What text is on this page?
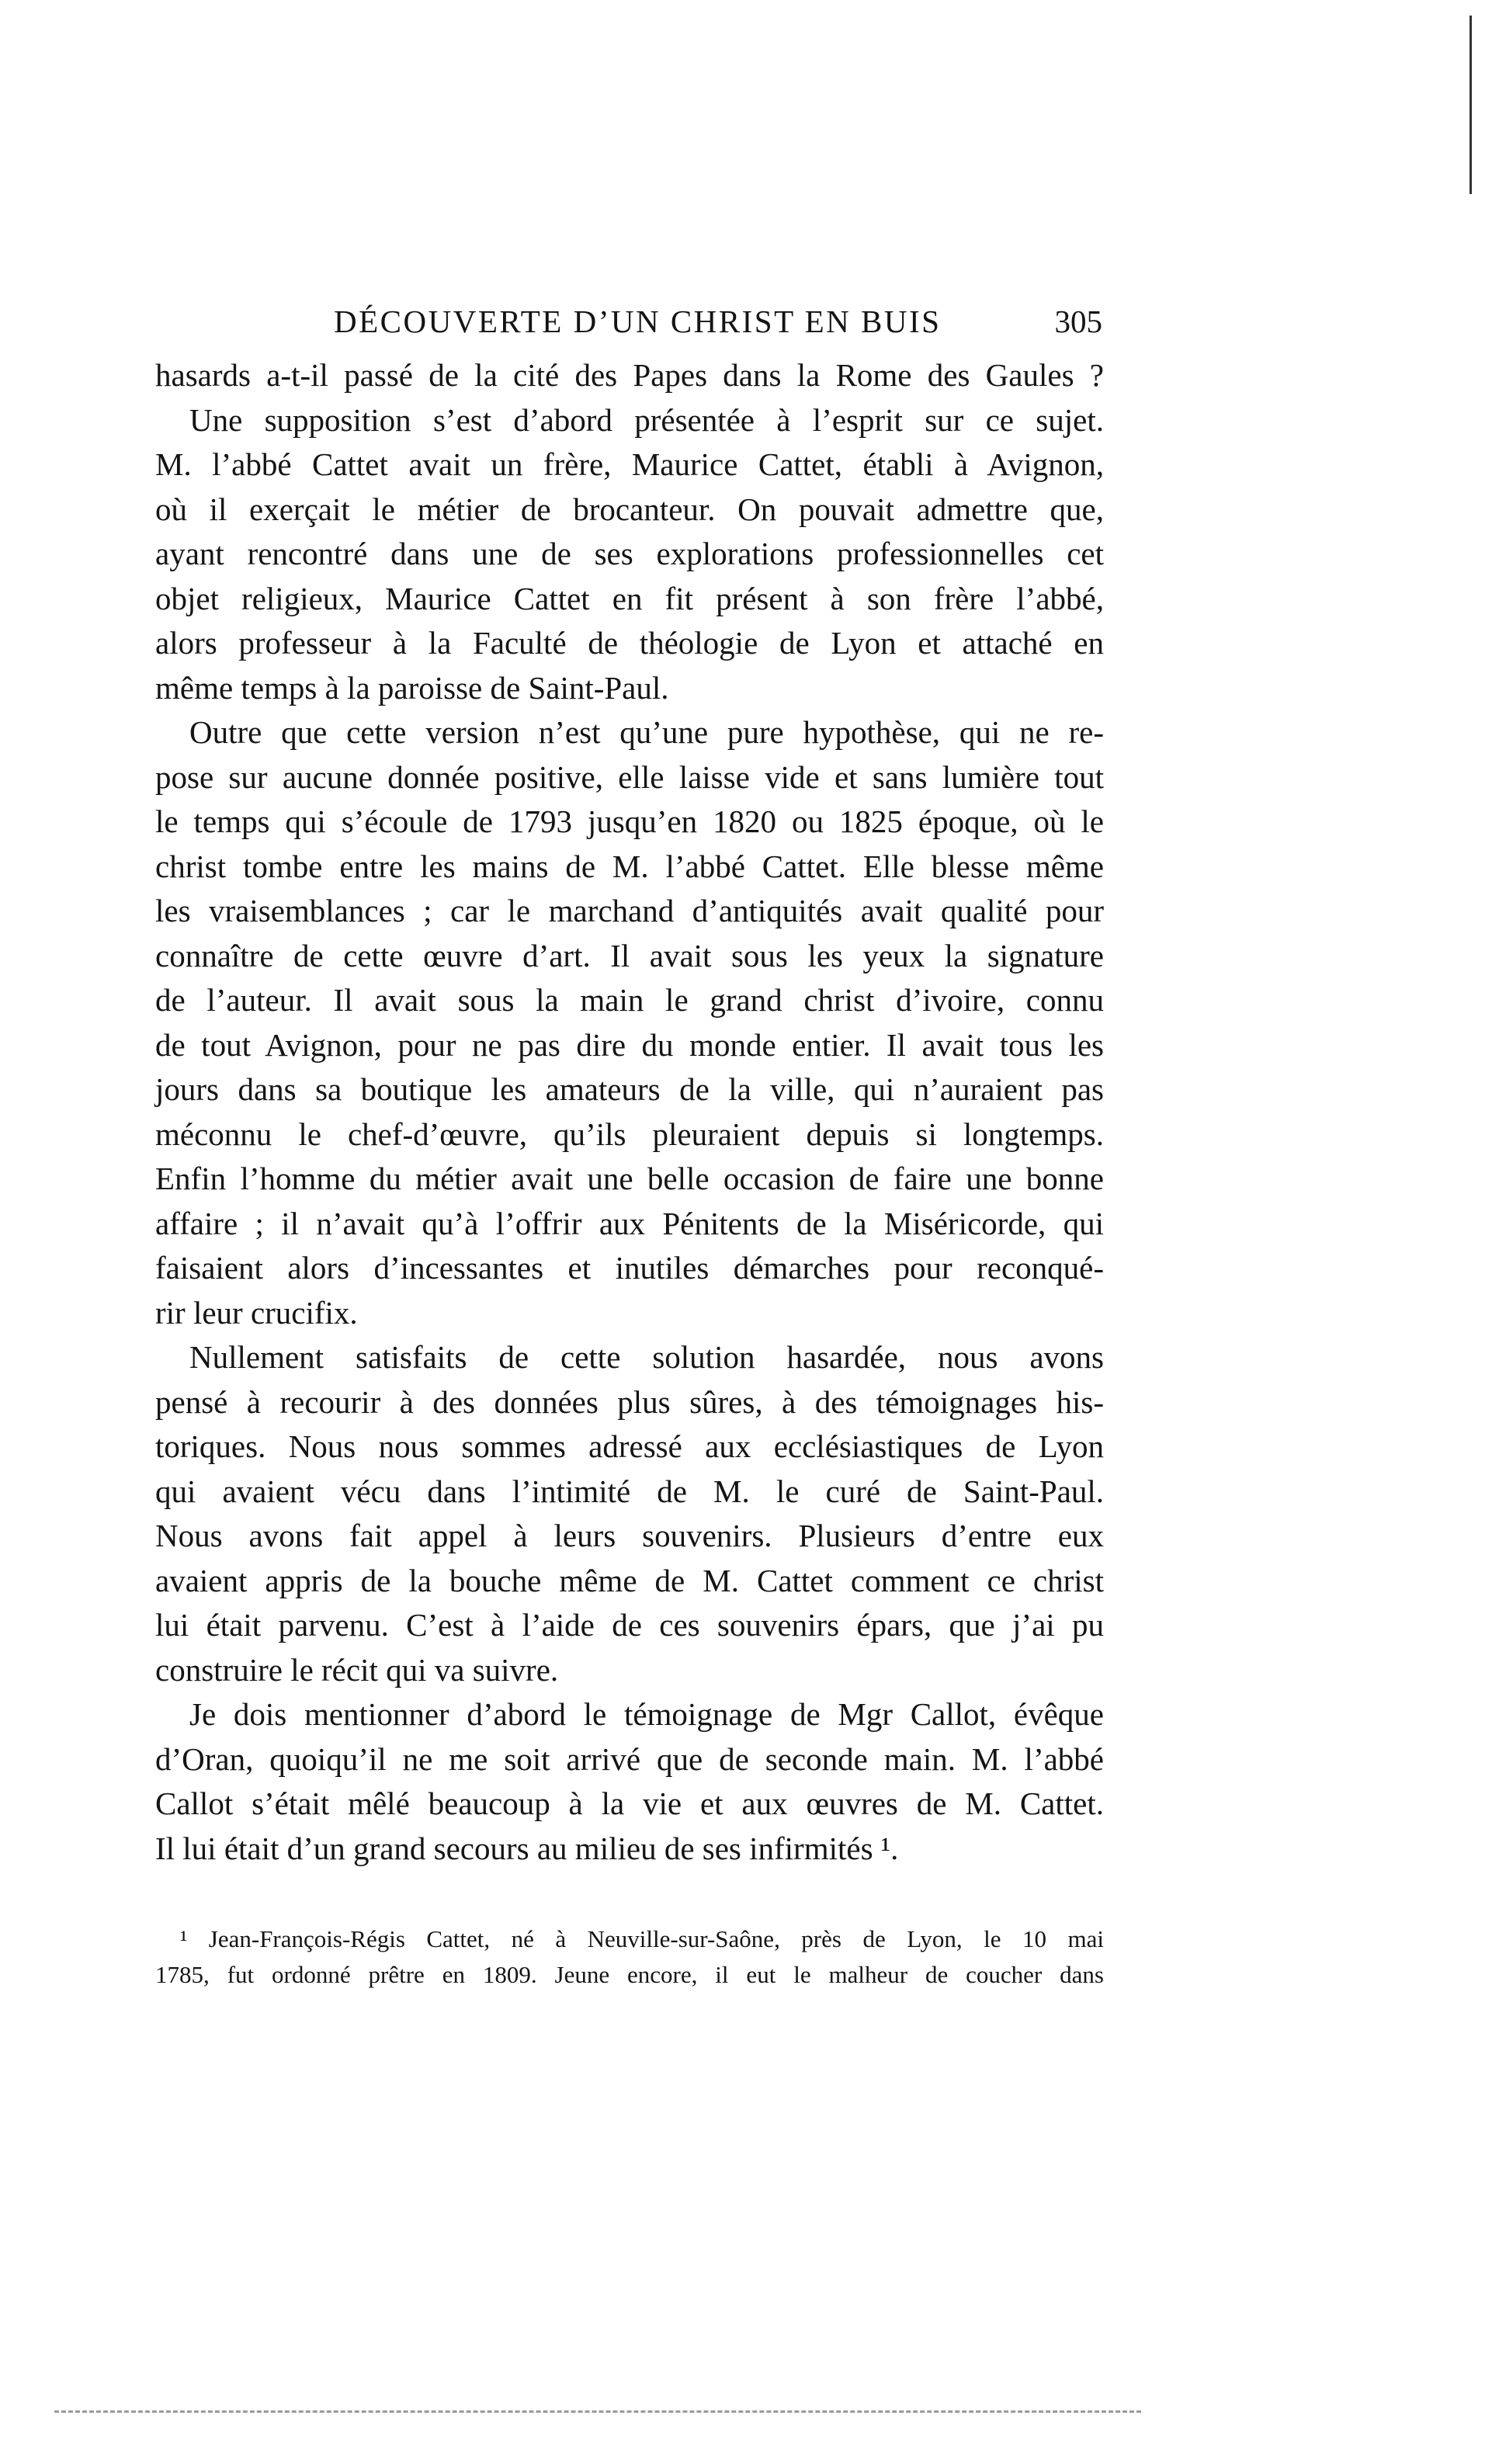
DÉCOUVERTE D’UN CHRIST EN BUIS	305
hasards a-t-il passé de la cité des Papes dans la Rome des Gaules ?
Une supposition s’est d’abord présentée à l’esprit sur ce sujet.
M. l’abbé Cattet avait un frère, Maurice Cattet, établi à Avignon,
où il exerçait le métier de brocanteur. On pouvait admettre que,
ayant rencontré dans une de ses explorations professionnelles cet
objet religieux, Maurice Cattet en fit présent à son frère l’abbé,
alors professeur à la Faculté de théologie de Lyon et attaché en
même temps à la paroisse de Saint-Paul.
Outre que cette version n’est qu’une pure hypothèse, qui ne re-
pose sur aucune donnée positive, elle laisse vide et sans lumière tout
le temps qui s’écoule de 1793 jusqu’en 1820 ou 1825 époque, où le
christ tombe entre les mains de M. l’abbé Cattet. Elle blesse même
les vraisemblances ; car le marchand d’antiquités avait qualité pour
connaître de cette œuvre d’art. Il avait sous les yeux la signature
de l’auteur. Il avait sous la main le grand christ d’ivoire, connu
de tout Avignon, pour ne pas dire du monde entier. Il avait tous les
jours dans sa boutique les amateurs de la ville, qui n’auraient pas
méconnu le chef-d’œuvre, qu’ils pleuraient depuis si longtemps.
Enfin l’homme du métier avait une belle occasion de faire une bonne
affaire ; il n’avait qu’à l’offrir aux Pénitents de la Miséricorde, qui
faisaient alors d’incessantes et inutiles démarches pour reconqué-
rir leur crucifix.
Nullement satisfaits de cette solution hasardée, nous avons
pensé à recourir à des données plus sûres, à des témoignages his-
toriques. Nous nous sommes adressé aux ecclésiastiques de Lyon
qui avaient vécu dans l’intimité de M. le curé de Saint-Paul.
Nous avons fait appel à leurs souvenirs. Plusieurs d’entre eux
avaient appris de la bouche même de M. Cattet comment ce christ
lui était parvenu. C’est à l’aide de ces souvenirs épars, que j’ai pu
construire le récit qui va suivre.
Je dois mentionner d’abord le témoignage de Mgr Callot, évêque
d’Oran, quoiqu’il ne me soit arrivé que de seconde main. M. l’abbé
Callot s’était mêlé beaucoup à la vie et aux œuvres de M. Cattet.
Il lui était d’un grand secours au milieu de ses infirmités ¹.
¹ Jean-François-Régis Cattet, né à Neuville-sur-Saône, près de Lyon, le 10 mai
1785, fut ordonné prêtre en 1809. Jeune encore, il eut le malheur de coucher dans
